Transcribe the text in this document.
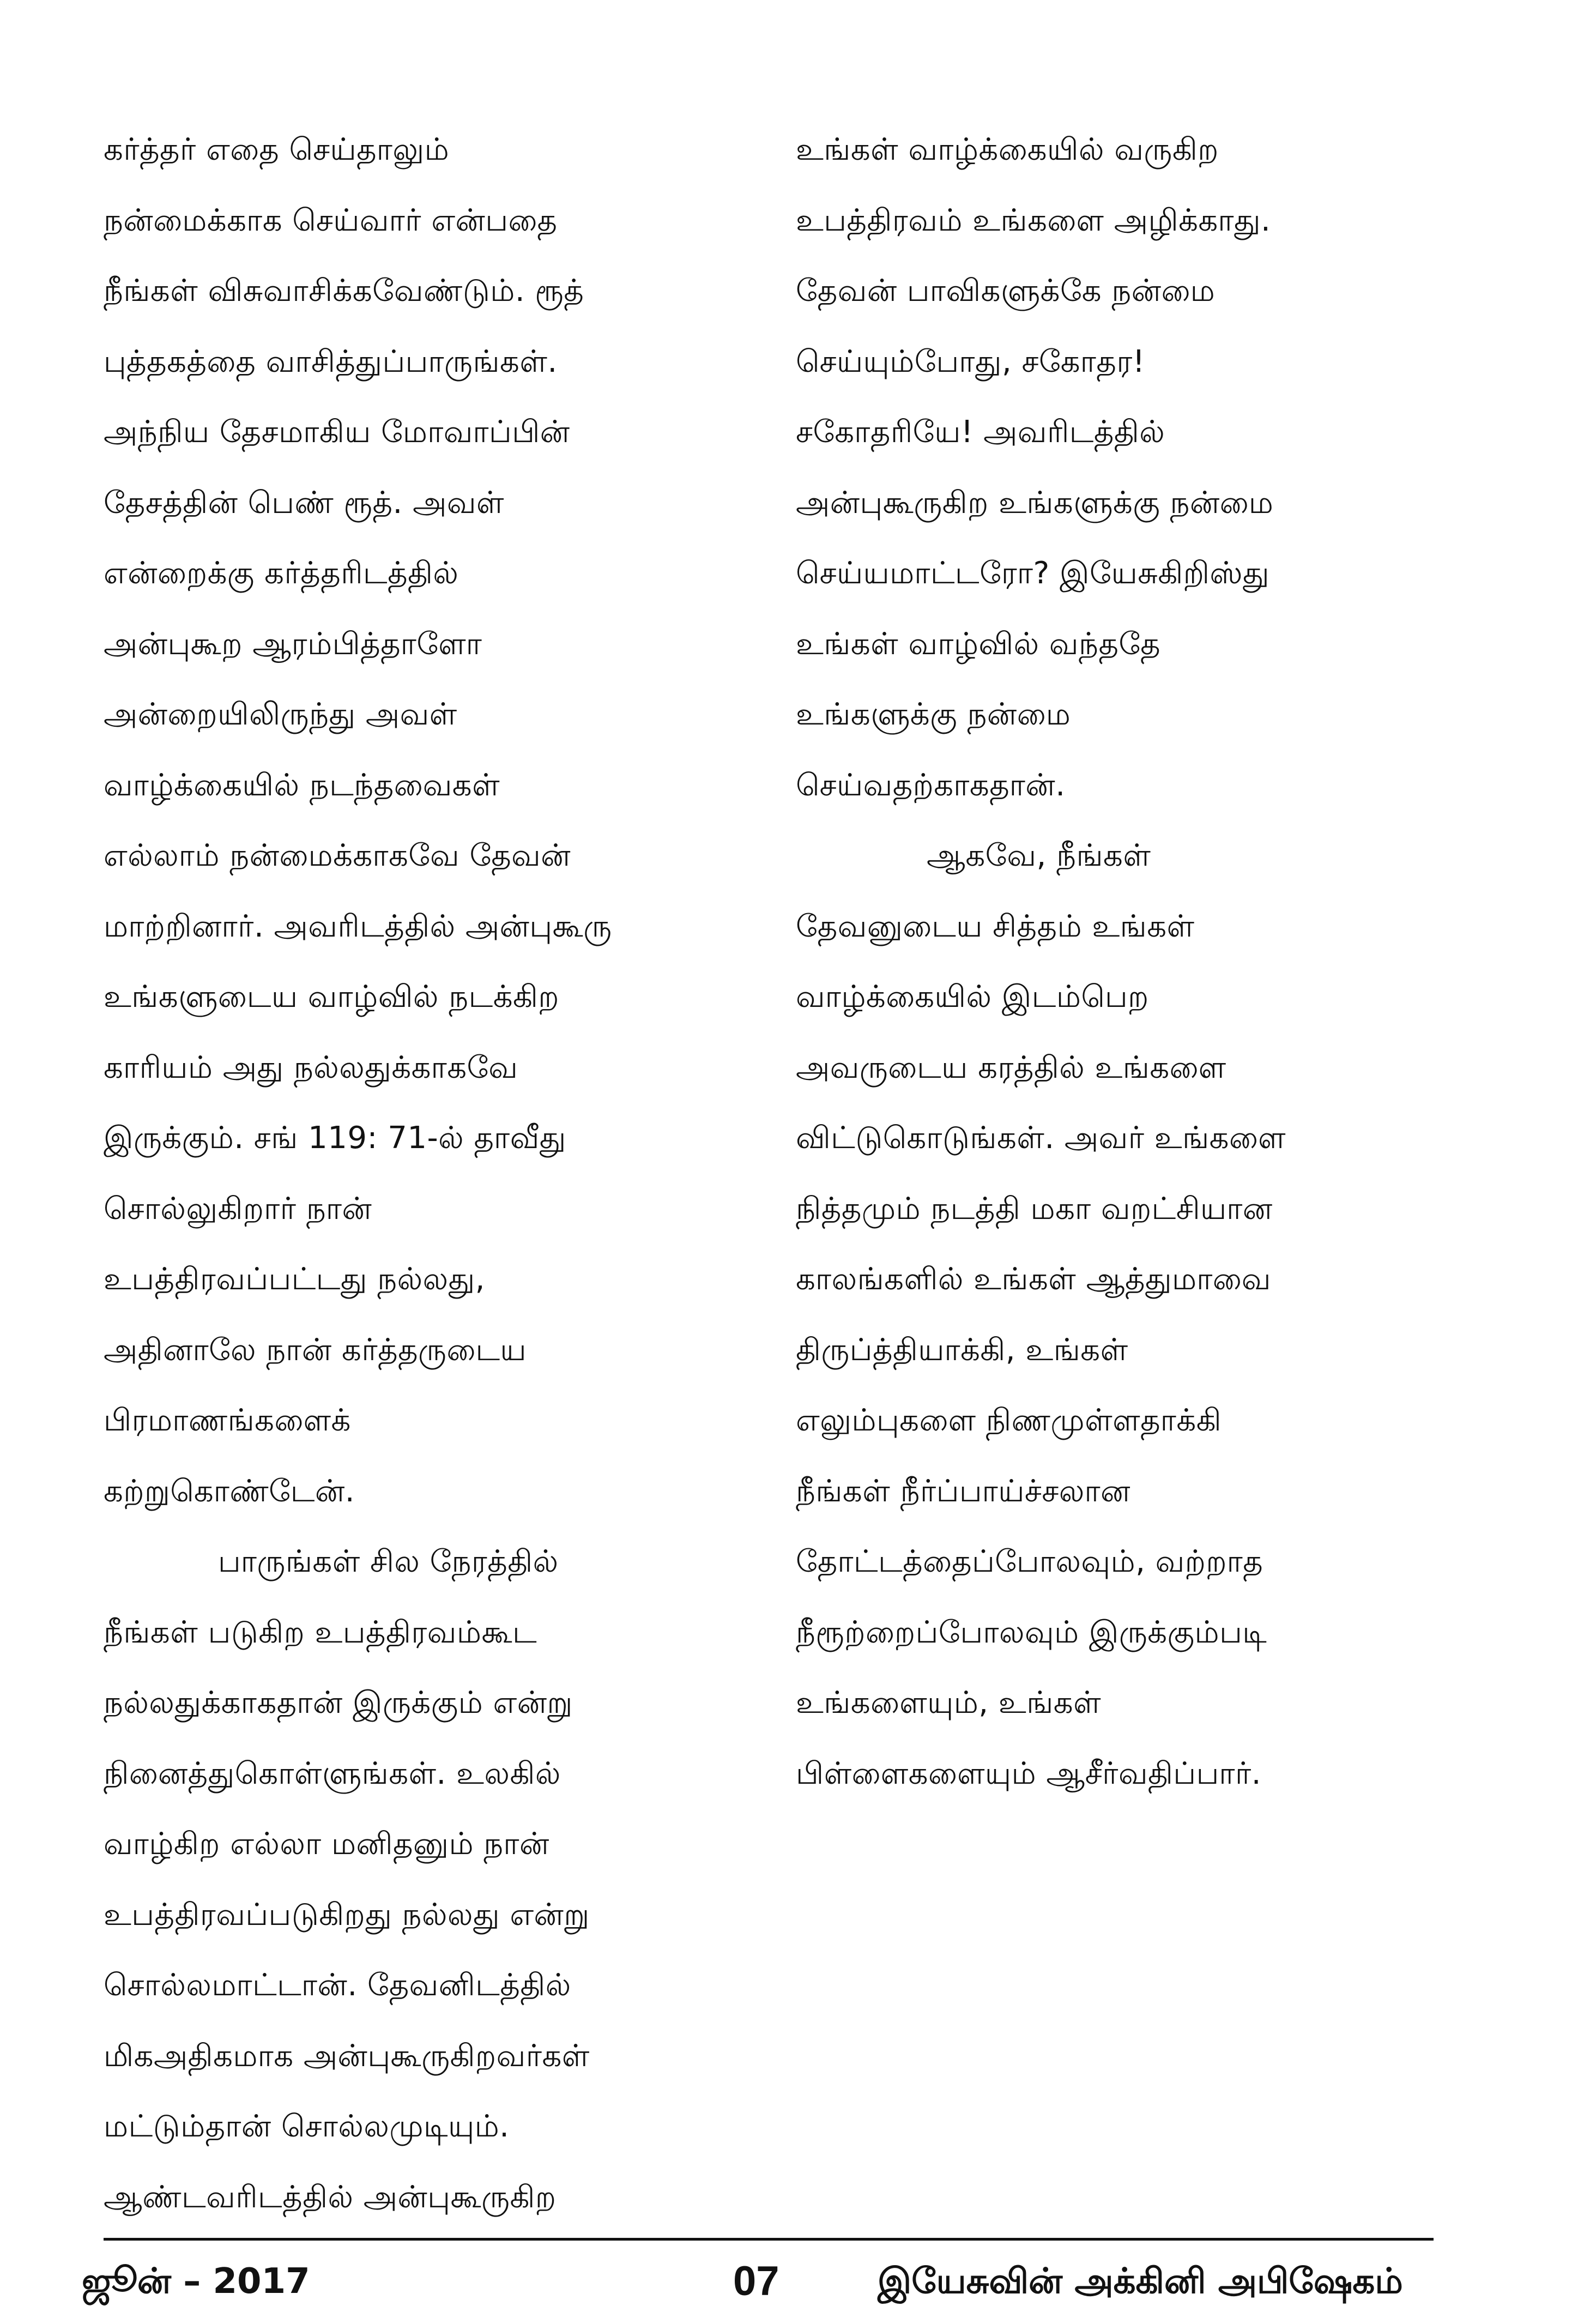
கர்த்தர் எதை செய்தாலும்
நன்மைக்காக செய்வார் என்பதை
நீங்கள் விசுவாசிக்கவேண்டும். ரூத்
புத்தகத்தை வாசித்துப்பாருங்கள்.
அந்நிய தேசமாகிய மோவாப்பின்
தேசத்தின் பெண் ரூத். அவள்
என்றைக்கு கர்த்தரிடத்தில்
அன்புகூற ஆரம்பித்தாளோ
அன்றையிலிருந்து அவள்
வாழ்க்கையில் நடந்தவைகள்
எல்லாம் நன்மைக்காகவே தேவன்
மாற்றினார். அவரிடத்தில் அன்புகூரு
உங்களுடைய வாழ்வில் நடக்கிற
காரியம் அது நல்லதுக்காகவே
இருக்கும். சங் 119: 71-ல் தாவீது
சொல்லுகிறார் நான்
உபத்திரவப்பட்டது நல்லது,
அதினாலே நான் கர்த்தருடைய
பிரமாணங்களைக்
கற்றுகொண்டேன்.
பாருங்கள் சில நேரத்தில்
நீங்கள் படுகிற உபத்திரவம்கூட
நல்லதுக்காகதான் இருக்கும் என்று
நினைத்துகொள்ளுங்கள். உலகில்
வாழ்கிற எல்லா மனிதனும் நான்
உபத்திரவப்படுகிறது நல்லது என்று
சொல்லமாட்டான். தேவனிடத்தில்
மிகஅதிகமாக அன்புகூருகிறவர்கள்
மட்டும்தான் சொல்லமுடியும்.
ஆண்டவரிடத்தில் அன்புகூருகிற
உங்கள் வாழ்க்கையில் வருகிற
உபத்திரவம் உங்களை அழிக்காது.
தேவன் பாவிகளுக்கே நன்மை
செய்யும்போது, சகோதர!
சகோதரியே! அவரிடத்தில்
அன்புகூருகிற உங்களுக்கு நன்மை
செய்யமாட்டரோ? இயேசுகிறிஸ்து
உங்கள் வாழ்வில் வந்ததே
உங்களுக்கு நன்மை
செய்வதற்காகதான்.
ஆகவே, நீங்கள்
தேவனுடைய சித்தம் உங்கள்
வாழ்க்கையில் இடம்பெற
அவருடைய கரத்தில் உங்களை
விட்டுகொடுங்கள். அவர் உங்களை
நித்தமும் நடத்தி மகா வறட்சியான
காலங்களில் உங்கள் ஆத்துமாவை
திருப்த்தியாக்கி, உங்கள்
எலும்புகளை நிணமுள்ளதாக்கி
நீங்கள் நீர்ப்பாய்ச்சலான
தோட்டத்தைப்போலவும், வற்றாத
நீரூற்றைப்போலவும் இருக்கும்படி
உங்களையும், உங்கள்
பிள்ளைகளையும் ஆசீர்வதிப்பார்.
ஜூன் – 2017	07	இயேசுவின் அக்கினி அபிஷேகம்
